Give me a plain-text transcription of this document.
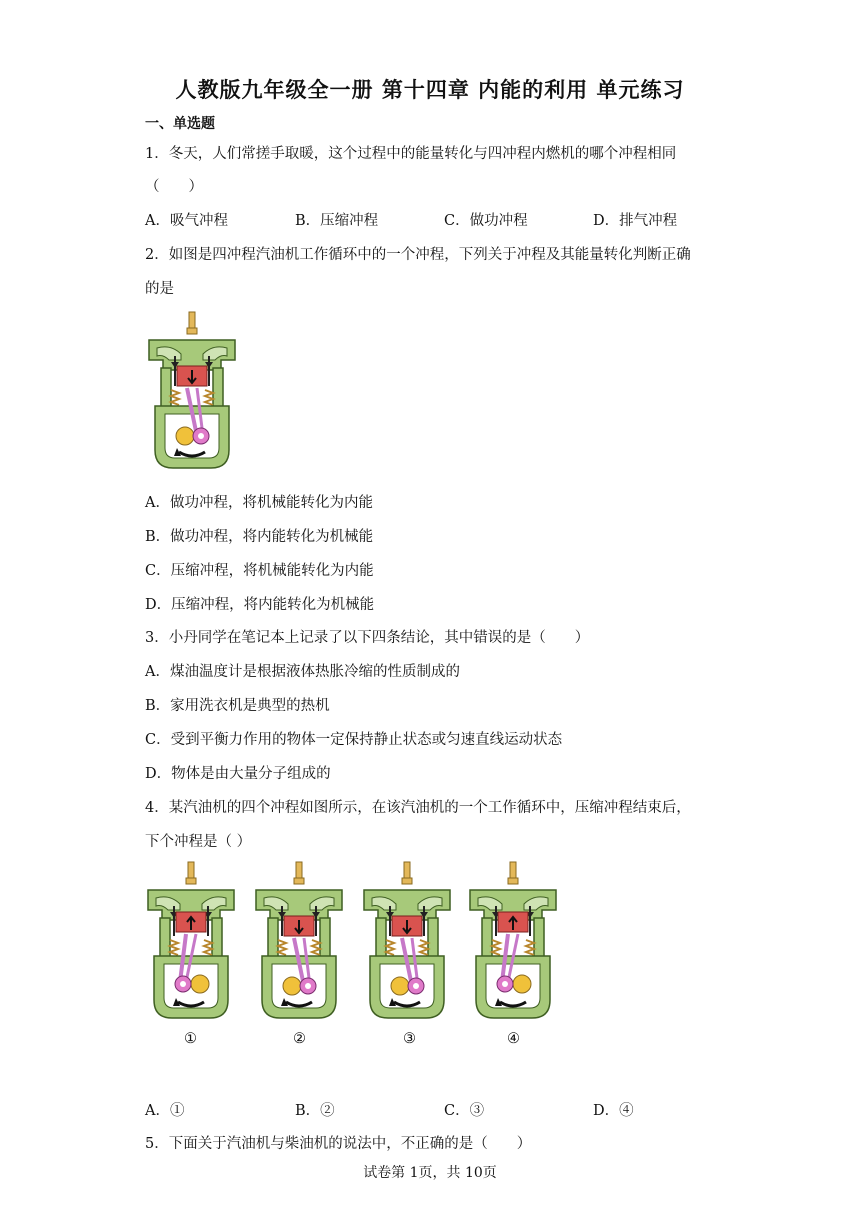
人教版九年级全一册 第十四章 内能的利用 单元练习
一、单选题
1．冬天，人们常搓手取暖，这个过程中的能量转化与四冲程内燃机的哪个冲程相同
（　　）
A．吸气冲程	B．压缩冲程	C．做功冲程	D．排气冲程
2．如图是四冲程汽油机工作循环中的一个冲程，下列关于冲程及其能量转化判断正确
的是
A．做功冲程，将机械能转化为内能
B．做功冲程，将内能转化为机械能
C．压缩冲程，将机械能转化为内能
D．压缩冲程，将内能转化为机械能
3．小丹同学在笔记本上记录了以下四条结论，其中错误的是（　　）
A．煤油温度计是根据液体热胀冷缩的性质制成的
B．家用洗衣机是典型的热机
C．受到平衡力作用的物体一定保持静止状态或匀速直线运动状态
D．物体是由大量分子组成的
4．某汽油机的四个冲程如图所示，在该汽油机的一个工作循环中，压缩冲程结束后，
下个冲程是（ ）
①	②	③	④
A．①	B．②	C．③	D．④
5．下面关于汽油机与柴油机的说法中，不正确的是（　　）
试卷第 1页，共 10页
